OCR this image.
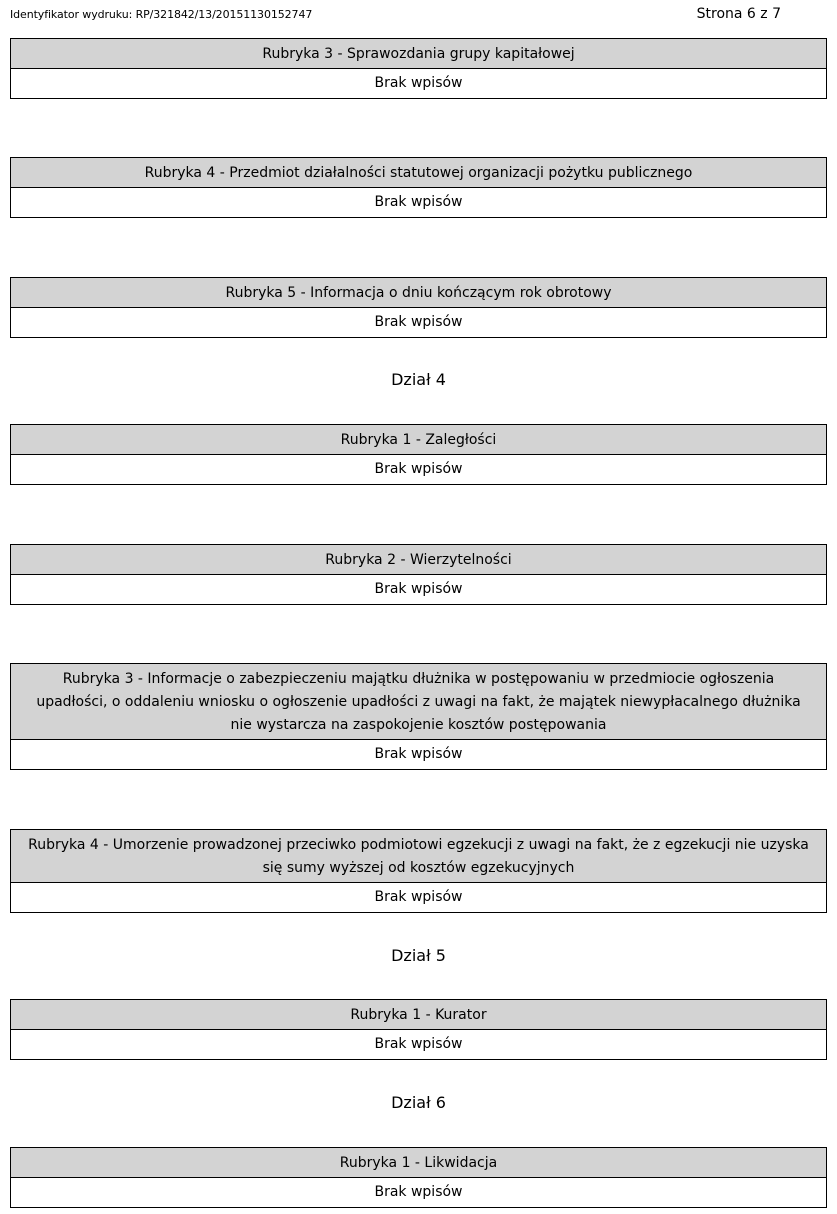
Identyfikator wydruku: RP/321842/13/20151130152747	Strona 6 z 7
Rubryka 3 - Sprawozdania grupy kapitałowej
Brak wpisów
Rubryka 4 - Przedmiot działalności statutowej organizacji pożytku publicznego
Brak wpisów
Rubryka 5 - Informacja o dniu kończącym rok obrotowy
Brak wpisów
Dział 4
Rubryka 1 - Zaległości
Brak wpisów
Rubryka 2 - Wierzytelności
Brak wpisów
Rubryka 3 - Informacje o zabezpieczeniu majątku dłużnika w postępowaniu w przedmiocie ogłoszenia upadłości, o oddaleniu wniosku o ogłoszenie upadłości z uwagi na fakt, że majątek niewypłacalnego dłużnika nie wystarcza na zaspokojenie kosztów postępowania
Brak wpisów
Rubryka 4 - Umorzenie prowadzonej przeciwko podmiotowi egzekucji z uwagi na fakt, że z egzekucji nie uzyska się sumy wyższej od kosztów egzekucyjnych
Brak wpisów
Dział 5
Rubryka 1 - Kurator
Brak wpisów
Dział 6
Rubryka 1 - Likwidacja
Brak wpisów
